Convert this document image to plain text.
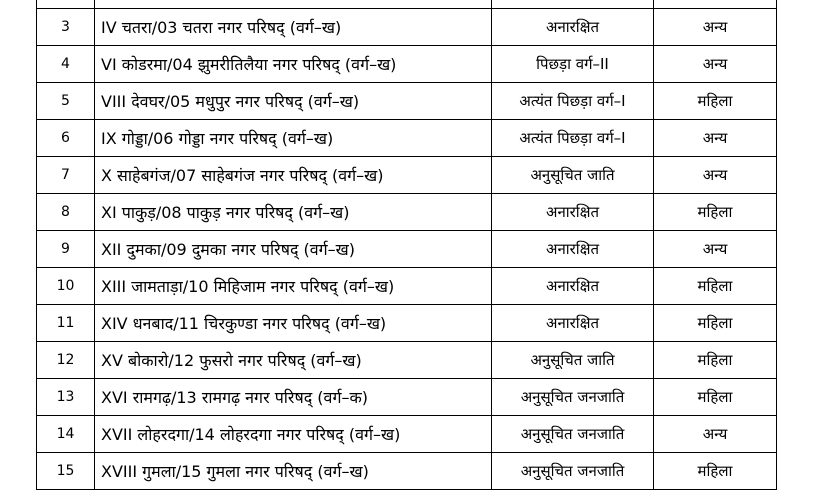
3	IV चतरा/03 चतरा नगर परिषद् (वर्ग–ख)	अनारक्षित	अन्य
4	VI कोडरमा/04 झुमरीतिलैया नगर परिषद् (वर्ग–ख)	पिछड़ा वर्ग–II	अन्य
5	VIII देवघर/05 मधुपुर नगर परिषद् (वर्ग–ख)	अत्यंत पिछड़ा वर्ग–I	महिला
6	IX गोड्डा/06 गोड्डा नगर परिषद् (वर्ग–ख)	अत्यंत पिछड़ा वर्ग–I	अन्य
7	X साहेबगंज/07 साहेबगंज नगर परिषद् (वर्ग–ख)	अनुसूचित जाति	अन्य
8	XI पाकुड़/08 पाकुड़ नगर परिषद् (वर्ग–ख)	अनारक्षित	महिला
9	XII दुमका/09 दुमका नगर परिषद् (वर्ग–ख)	अनारक्षित	अन्य
10	XIII जामताड़ा/10 मिहिजाम नगर परिषद् (वर्ग–ख)	अनारक्षित	महिला
11	XIV धनबाद/11 चिरकुण्डा नगर परिषद् (वर्ग–ख)	अनारक्षित	महिला
12	XV बोकारो/12 फुसरो नगर परिषद् (वर्ग–ख)	अनुसूचित जाति	महिला
13	XVI रामगढ़/13 रामगढ़ नगर परिषद् (वर्ग–क)	अनुसूचित जनजाति	महिला
14	XVII लोहरदगा/14 लोहरदगा नगर परिषद् (वर्ग–ख)	अनुसूचित जनजाति	अन्य
15	XVIII गुमला/15 गुमला नगर परिषद् (वर्ग–ख)	अनुसूचित जनजाति	महिला
